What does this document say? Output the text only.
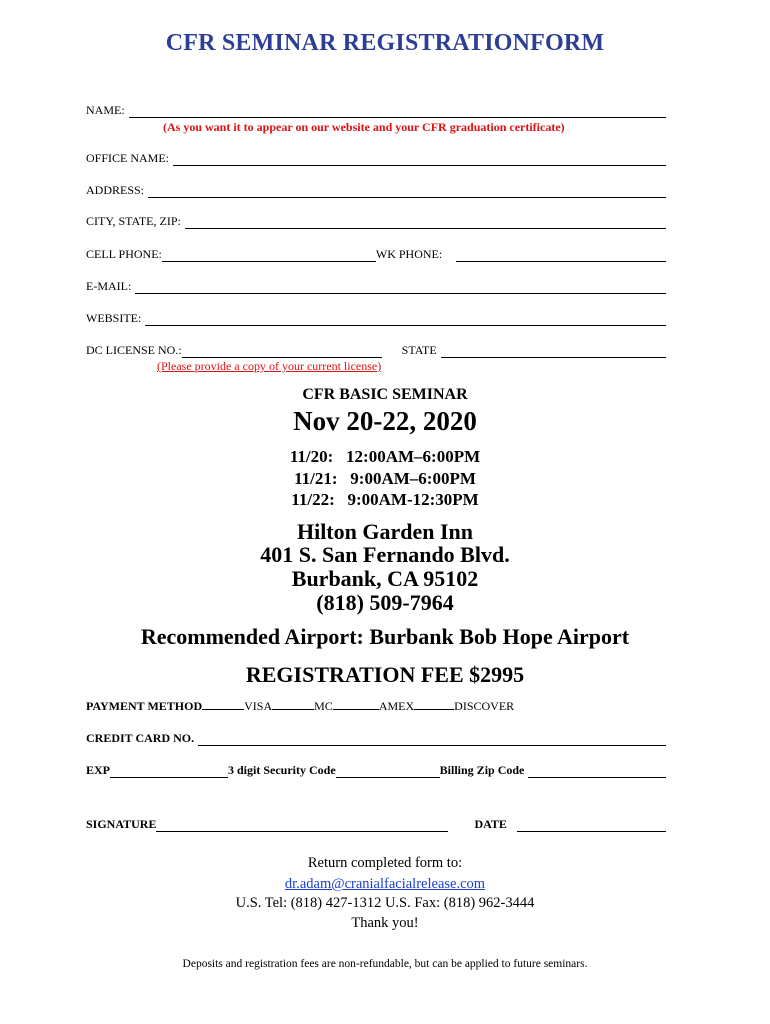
CFR SEMINAR REGISTRATIONFORM
NAME:
(As you want it to appear on our website and your CFR graduation certificate)
OFFICE NAME:
ADDRESS:
CITY, STATE, ZIP:
CELL PHONE:	WK PHONE:
E-MAIL:
WEBSITE:
DC LICENSE NO.:	STATE
(Please provide a copy of your current license)
CFR BASIC SEMINAR
Nov 20-22, 2020
11/20:   12:00AM–6:00PM
11/21:   9:00AM–6:00PM
11/22:   9:00AM-12:30PM
Hilton Garden Inn
401 S. San Fernando Blvd.
Burbank, CA 95102
(818) 509-7964
Recommended Airport: Burbank Bob Hope Airport
REGISTRATION FEE $2995
PAYMENT METHOD	VISA	MC	AMEX	DISCOVER
CREDIT CARD NO.
EXP	3 digit Security Code	Billing Zip Code
SIGNATURE	DATE
Return completed form to:
dr.adam@cranialfacialrelease.com
U.S. Tel: (818) 427-1312 U.S. Fax: (818) 962-3444
Thank you!
Deposits and registration fees are non-refundable, but can be applied to future seminars.
